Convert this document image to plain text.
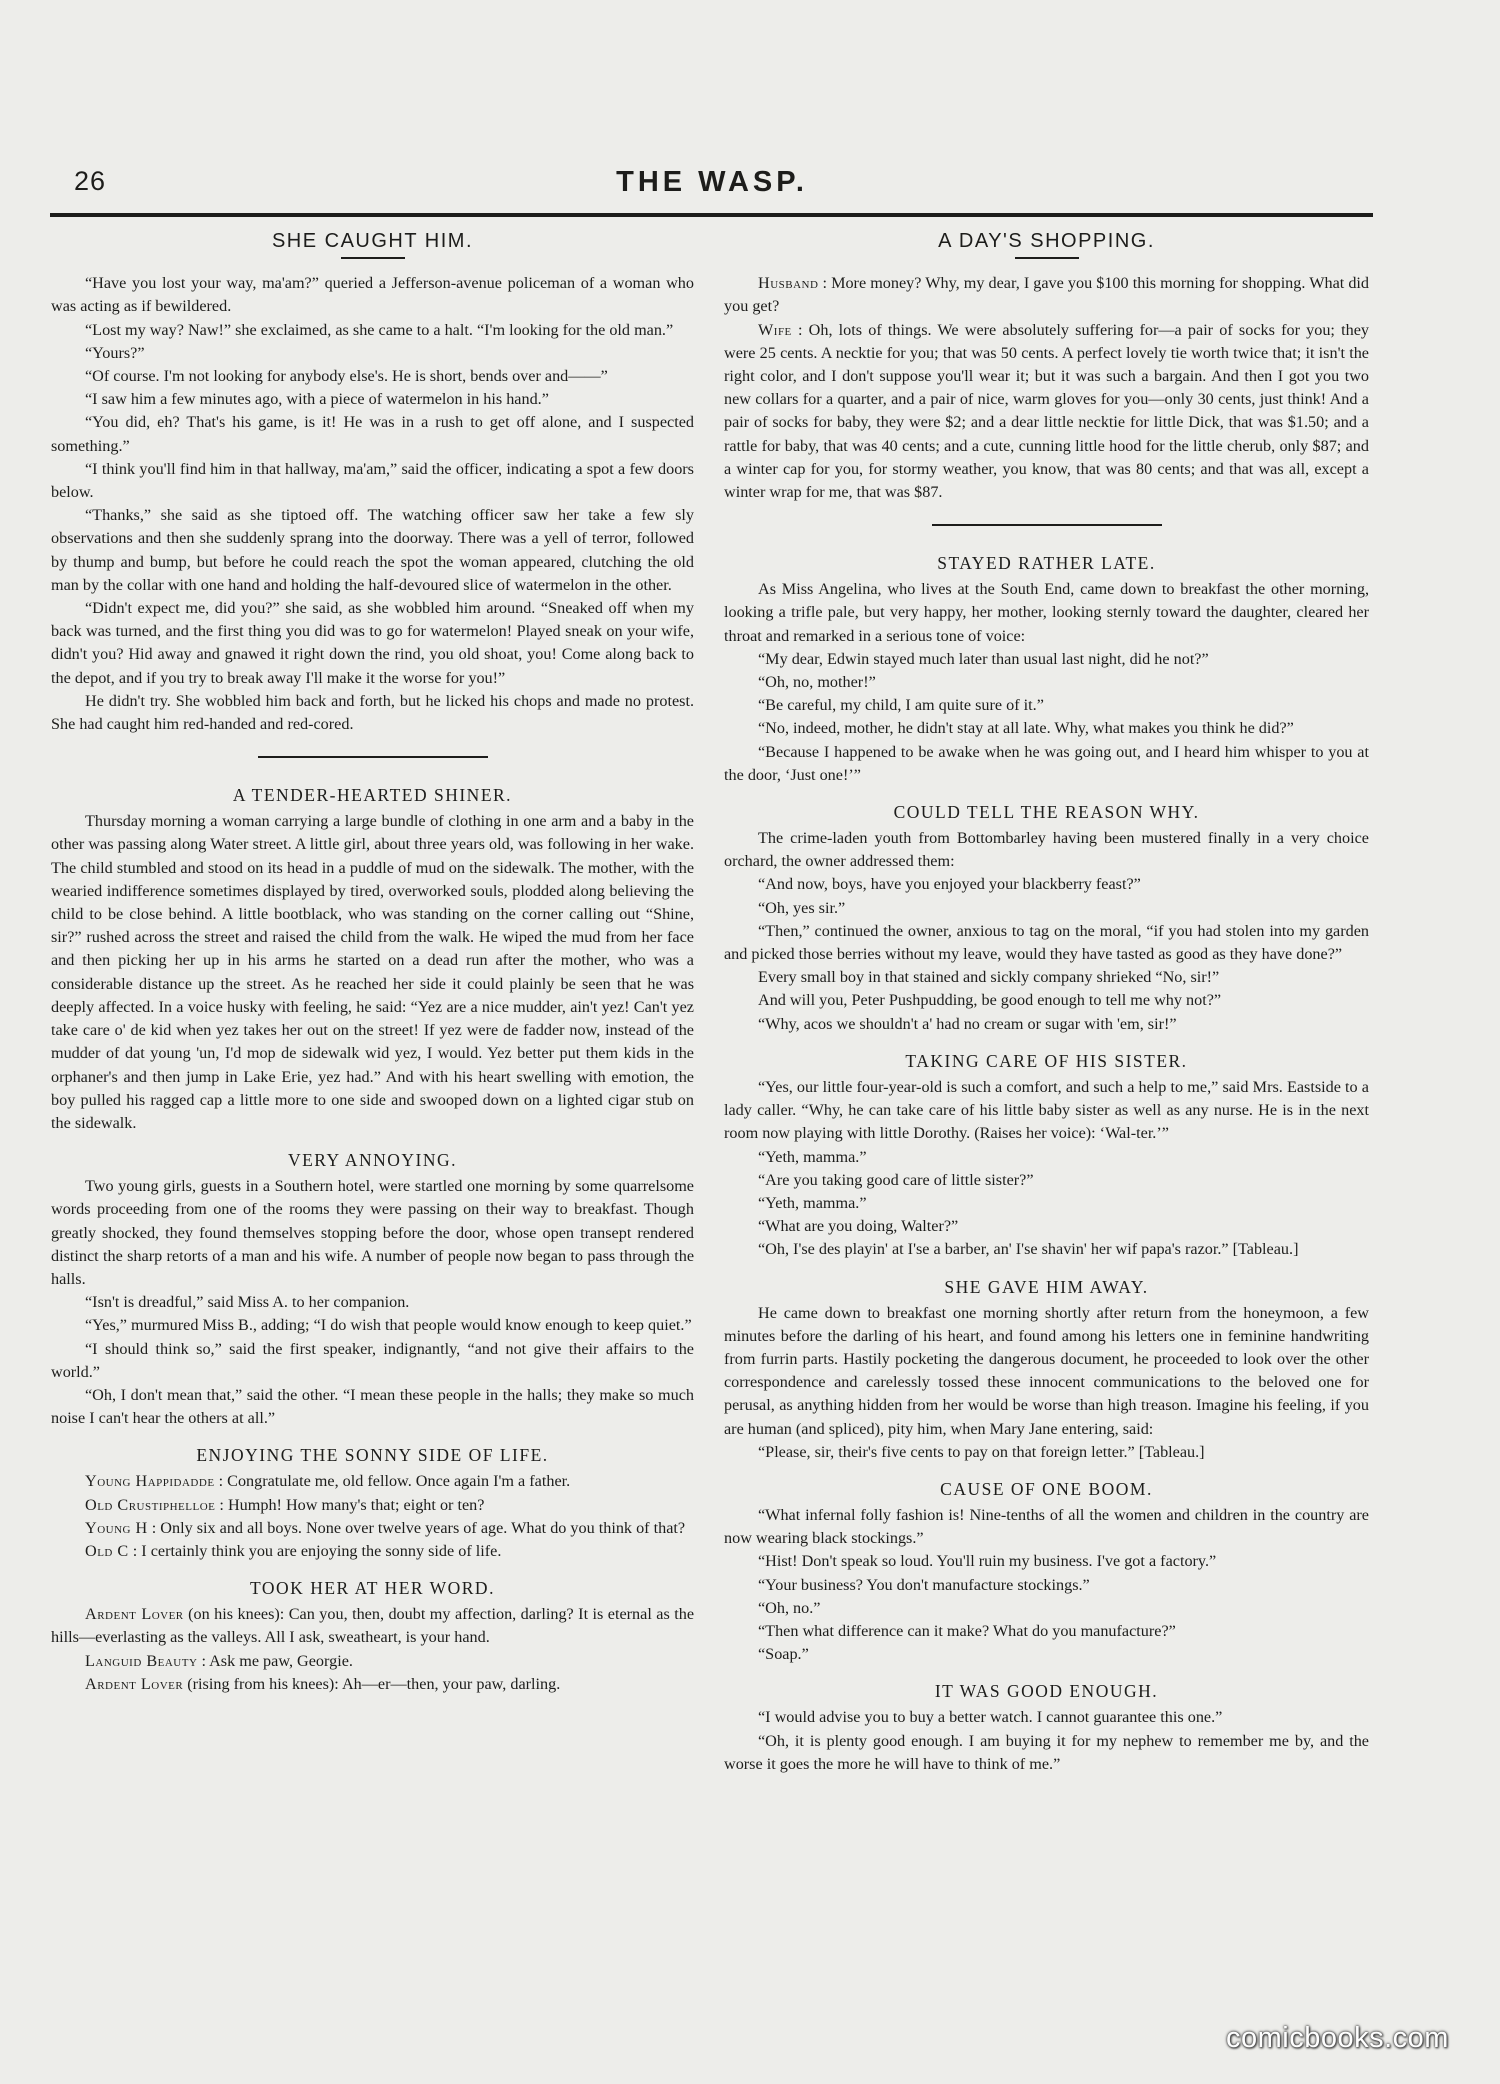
26	THE WASP.
SHE CAUGHT HIM.

“Have you lost your way, ma'am?” queried a Jefferson-avenue policeman of a woman who was acting as if bewildered.

“Lost my way? Naw!” she exclaimed, as she came to a halt. “I'm looking for the old man.”

“Yours?”

“Of course. I'm not looking for anybody else's. He is short, bends over and——”

“I saw him a few minutes ago, with a piece of watermelon in his hand.”

“You did, eh? That's his game, is it! He was in a rush to get off alone, and I suspected something.”

“I think you'll find him in that hallway, ma'am,” said the officer, indicating a spot a few doors below.

“Thanks,” she said as she tiptoed off. The watching officer saw her take a few sly observations and then she suddenly sprang into the doorway. There was a yell of terror, followed by thump and bump, but before he could reach the spot the woman appeared, clutching the old man by the collar with one hand and holding the half-devoured slice of watermelon in the other.

“Didn't expect me, did you?” she said, as she wobbled him around. “Sneaked off when my back was turned, and the first thing you did was to go for watermelon! Played sneak on your wife, didn't you? Hid away and gnawed it right down the rind, you old shoat, you! Come along back to the depot, and if you try to break away I'll make it the worse for you!”

He didn't try. She wobbled him back and forth, but he licked his chops and made no protest. She had caught him red-handed and red-cored.

A TENDER-HEARTED SHINER.

Thursday morning a woman carrying a large bundle of clothing in one arm and a baby in the other was passing along Water street. A little girl, about three years old, was following in her wake. The child stumbled and stood on its head in a puddle of mud on the sidewalk. The mother, with the wearied indifference sometimes displayed by tired, overworked souls, plodded along believing the child to be close behind. A little bootblack, who was standing on the corner calling out “Shine, sir?” rushed across the street and raised the child from the walk. He wiped the mud from her face and then picking her up in his arms he started on a dead run after the mother, who was a considerable distance up the street. As he reached her side it could plainly be seen that he was deeply affected. In a voice husky with feeling, he said: “Yez are a nice mudder, ain't yez! Can't yez take care o' de kid when yez takes her out on the street! If yez were de fadder now, instead of the mudder of dat young 'un, I'd mop de sidewalk wid yez, I would. Yez better put them kids in the orphaner's and then jump in Lake Erie, yez had.” And with his heart swelling with emotion, the boy pulled his ragged cap a little more to one side and swooped down on a lighted cigar stub on the sidewalk.

VERY ANNOYING.

Two young girls, guests in a Southern hotel, were startled one morning by some quarrelsome words proceeding from one of the rooms they were passing on their way to breakfast. Though greatly shocked, they found themselves stopping before the door, whose open transept rendered distinct the sharp retorts of a man and his wife. A number of people now began to pass through the halls.

“Isn't is dreadful,” said Miss A. to her companion.

“Yes,” murmured Miss B., adding; “I do wish that people would know enough to keep quiet.”

“I should think so,” said the first speaker, indignantly, “and not give their affairs to the world.”

“Oh, I don't mean that,” said the other. “I mean these people in the halls; they make so much noise I can't hear the others at all.”

ENJOYING THE SONNY SIDE OF LIFE.

Young Happidadde : Congratulate me, old fellow. Once again I'm a father.

Old Crustiphelloe : Humph! How many's that; eight or ten?

Young H : Only six and all boys. None over twelve years of age. What do you think of that?

Old C : I certainly think you are enjoying the sonny side of life.

TOOK HER AT HER WORD.

Ardent Lover (on his knees): Can you, then, doubt my affection, darling? It is eternal as the hills—everlasting as the valleys. All I ask, sweatheart, is your hand.

Languid Beauty : Ask me paw, Georgie.

Ardent Lover (rising from his knees): Ah—er—then, your paw, darling.

A DAY'S SHOPPING.

Husband : More money? Why, my dear, I gave you $100 this morning for shopping. What did you get?

Wife : Oh, lots of things. We were absolutely suffering for—a pair of socks for you; they were 25 cents. A necktie for you; that was 50 cents. A perfect lovely tie worth twice that; it isn't the right color, and I don't suppose you'll wear it; but it was such a bargain. And then I got you two new collars for a quarter, and a pair of nice, warm gloves for you—only 30 cents, just think! And a pair of socks for baby, they were $2; and a dear little necktie for little Dick, that was $1.50; and a rattle for baby, that was 40 cents; and a cute, cunning little hood for the little cherub, only $87; and a winter cap for you, for stormy weather, you know, that was 80 cents; and that was all, except a winter wrap for me, that was $87.

STAYED RATHER LATE.

As Miss Angelina, who lives at the South End, came down to breakfast the other morning, looking a trifle pale, but very happy, her mother, looking sternly toward the daughter, cleared her throat and remarked in a serious tone of voice:

“My dear, Edwin stayed much later than usual last night, did he not?”

“Oh, no, mother!”

“Be careful, my child, I am quite sure of it.”

“No, indeed, mother, he didn't stay at all late. Why, what makes you think he did?”

“Because I happened to be awake when he was going out, and I heard him whisper to you at the door, ‘Just one!’”

COULD TELL THE REASON WHY.

The crime-laden youth from Bottombarley having been mustered finally in a very choice orchard, the owner addressed them:

“And now, boys, have you enjoyed your blackberry feast?”

“Oh, yes sir.”

“Then,” continued the owner, anxious to tag on the moral, “if you had stolen into my garden and picked those berries without my leave, would they have tasted as good as they have done?”

Every small boy in that stained and sickly company shrieked “No, sir!”

And will you, Peter Pushpudding, be good enough to tell me why not?”

“Why, acos we shouldn't a' had no cream or sugar with 'em, sir!”

TAKING CARE OF HIS SISTER.

“Yes, our little four-year-old is such a comfort, and such a help to me,” said Mrs. Eastside to a lady caller. “Why, he can take care of his little baby sister as well as any nurse. He is in the next room now playing with little Dorothy. (Raises her voice): ‘Wal-ter.’”

“Yeth, mamma.”

“Are you taking good care of little sister?”

“Yeth, mamma.”

“What are you doing, Walter?”

“Oh, I'se des playin' at I'se a barber, an' I'se shavin' her wif papa's razor.” [Tableau.]

SHE GAVE HIM AWAY.

He came down to breakfast one morning shortly after return from the honeymoon, a few minutes before the darling of his heart, and found among his letters one in feminine handwriting from furrin parts. Hastily pocketing the dangerous document, he proceeded to look over the other correspondence and carelessly tossed these innocent communications to the beloved one for perusal, as anything hidden from her would be worse than high treason. Imagine his feeling, if you are human (and spliced), pity him, when Mary Jane entering, said:

“Please, sir, their's five cents to pay on that foreign letter.” [Tableau.]

CAUSE OF ONE BOOM.

“What infernal folly fashion is! Nine-tenths of all the women and children in the country are now wearing black stockings.”

“Hist! Don't speak so loud. You'll ruin my business. I've got a factory.”

“Your business? You don't manufacture stockings.”

“Oh, no.”

“Then what difference can it make? What do you manufacture?”

“Soap.”

IT WAS GOOD ENOUGH.

“I would advise you to buy a better watch. I cannot guarantee this one.”

“Oh, it is plenty good enough. I am buying it for my nephew to remember me by, and the worse it goes the more he will have to think of me.”

comicbooks.com
